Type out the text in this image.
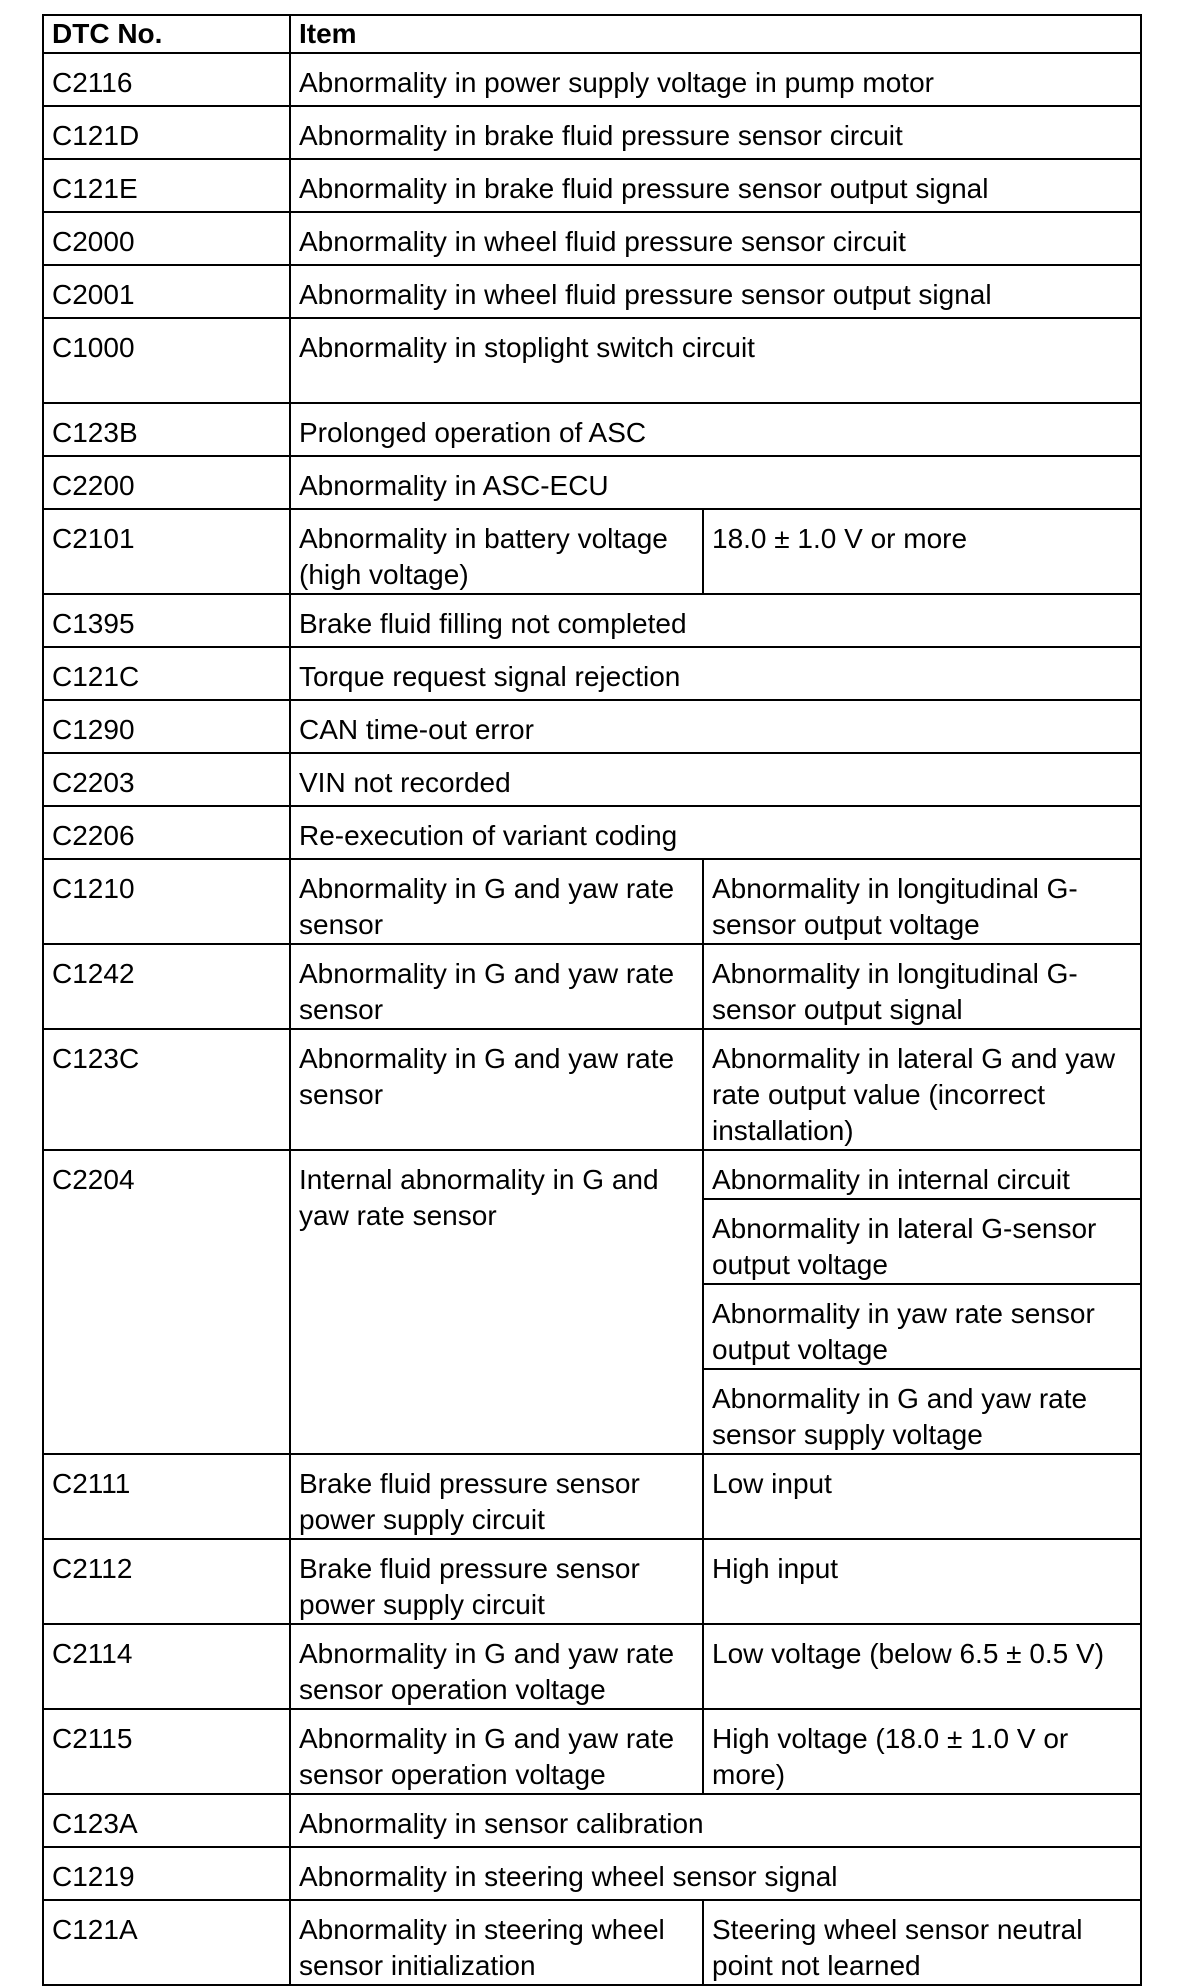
DTC No.	Item	
C2116	Abnormality in power supply voltage in pump motor	
C121D	Abnormality in brake fluid pressure sensor circuit	
C121E	Abnormality in brake fluid pressure sensor output signal	
C2000	Abnormality in wheel fluid pressure sensor circuit	
C2001	Abnormality in wheel fluid pressure sensor output signal	
C1000	Abnormality in stoplight switch circuit	
C123B	Prolonged operation of ASC	
C2200	Abnormality in ASC-ECU	
C2101	Abnormality in battery voltage (high voltage)	18.0 ± 1.0 V or more
C1395	Brake fluid filling not completed	
C121C	Torque request signal rejection	
C1290	CAN time-out error	
C2203	VIN not recorded	
C2206	Re-execution of variant coding	
C1210	Abnormality in G and yaw rate sensor	Abnormality in longitudinal G-sensor output voltage
C1242	Abnormality in G and yaw rate sensor	Abnormality in longitudinal G-sensor output signal
C123C	Abnormality in G and yaw rate sensor	Abnormality in lateral G and yaw rate output value (incorrect installation)
C2204	Internal abnormality in G and yaw rate sensor	Abnormality in internal circuit
		Abnormality in lateral G-sensor output voltage
		Abnormality in yaw rate sensor output voltage
		Abnormality in G and yaw rate sensor supply voltage
C2111	Brake fluid pressure sensor power supply circuit	Low input
C2112	Brake fluid pressure sensor power supply circuit	High input
C2114	Abnormality in G and yaw rate sensor operation voltage	Low voltage (below 6.5 ± 0.5 V)
C2115	Abnormality in G and yaw rate sensor operation voltage	High voltage (18.0 ± 1.0 V or more)
C123A	Abnormality in sensor calibration	
C1219	Abnormality in steering wheel sensor signal	
C121A	Abnormality in steering wheel sensor initialization	Steering wheel sensor neutral point not learned
